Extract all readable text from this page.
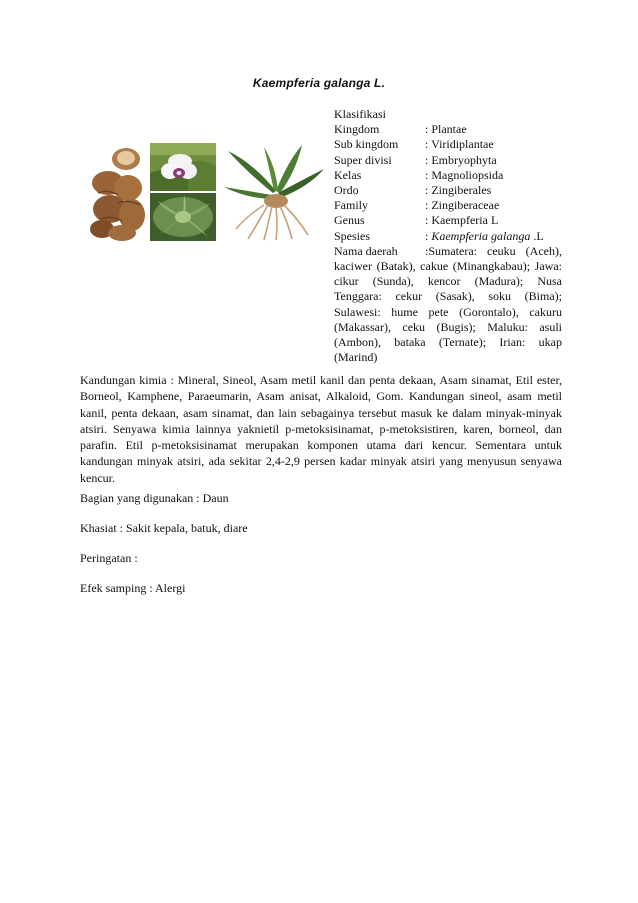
Kaempferia galanga L.
Klasifikasi
Kingdom	: Plantae
Sub kingdom	: Viridiplantae
Super divisi	: Embryophyta
Kelas	: Magnoliopsida
Ordo	: Zingiberales
Family	: Zingiberaceae
Genus	: Kaempferia L
Spesies	: Kaempferia galanga .L
Nama daerah :Sumatera: ceuku (Aceh), kaciwer (Batak), cakue (Minangkabau); Jawa: cikur (Sunda), kencor (Madura); Nusa Tenggara: cekur (Sasak), soku (Bima); Sulawesi: hume pete (Gorontalo), cakuru (Makassar), ceku (Bugis); Maluku: asuli (Ambon), bataka (Ternate); Irian: ukap (Marind)
Kandungan kimia : Mineral, Sineol, Asam metil kanil dan penta dekaan, Asam sinamat, Etil ester, Borneol, Kamphene, Paraeumarin, Asam anisat, Alkaloid, Gom. Kandungan sineol, asam metil kanil, penta dekaan, asam sinamat, dan lain sebagainya tersebut masuk ke dalam minyak-minyak atsiri. Senyawa kimia lainnya yaknietil p-metoksisinamat, p-metoksistiren, karen, borneol, dan parafin. Etil p-metoksisinamat merupakan komponen utama dari kencur. Sementara untuk kandungan minyak atsiri, ada sekitar 2,4-2,9 persen kadar minyak atsiri yang menyusun senyawa kencur.
Bagian yang digunakan : Daun
Khasiat : Sakit kepala, batuk, diare
Peringatan :
Efek samping : Alergi
